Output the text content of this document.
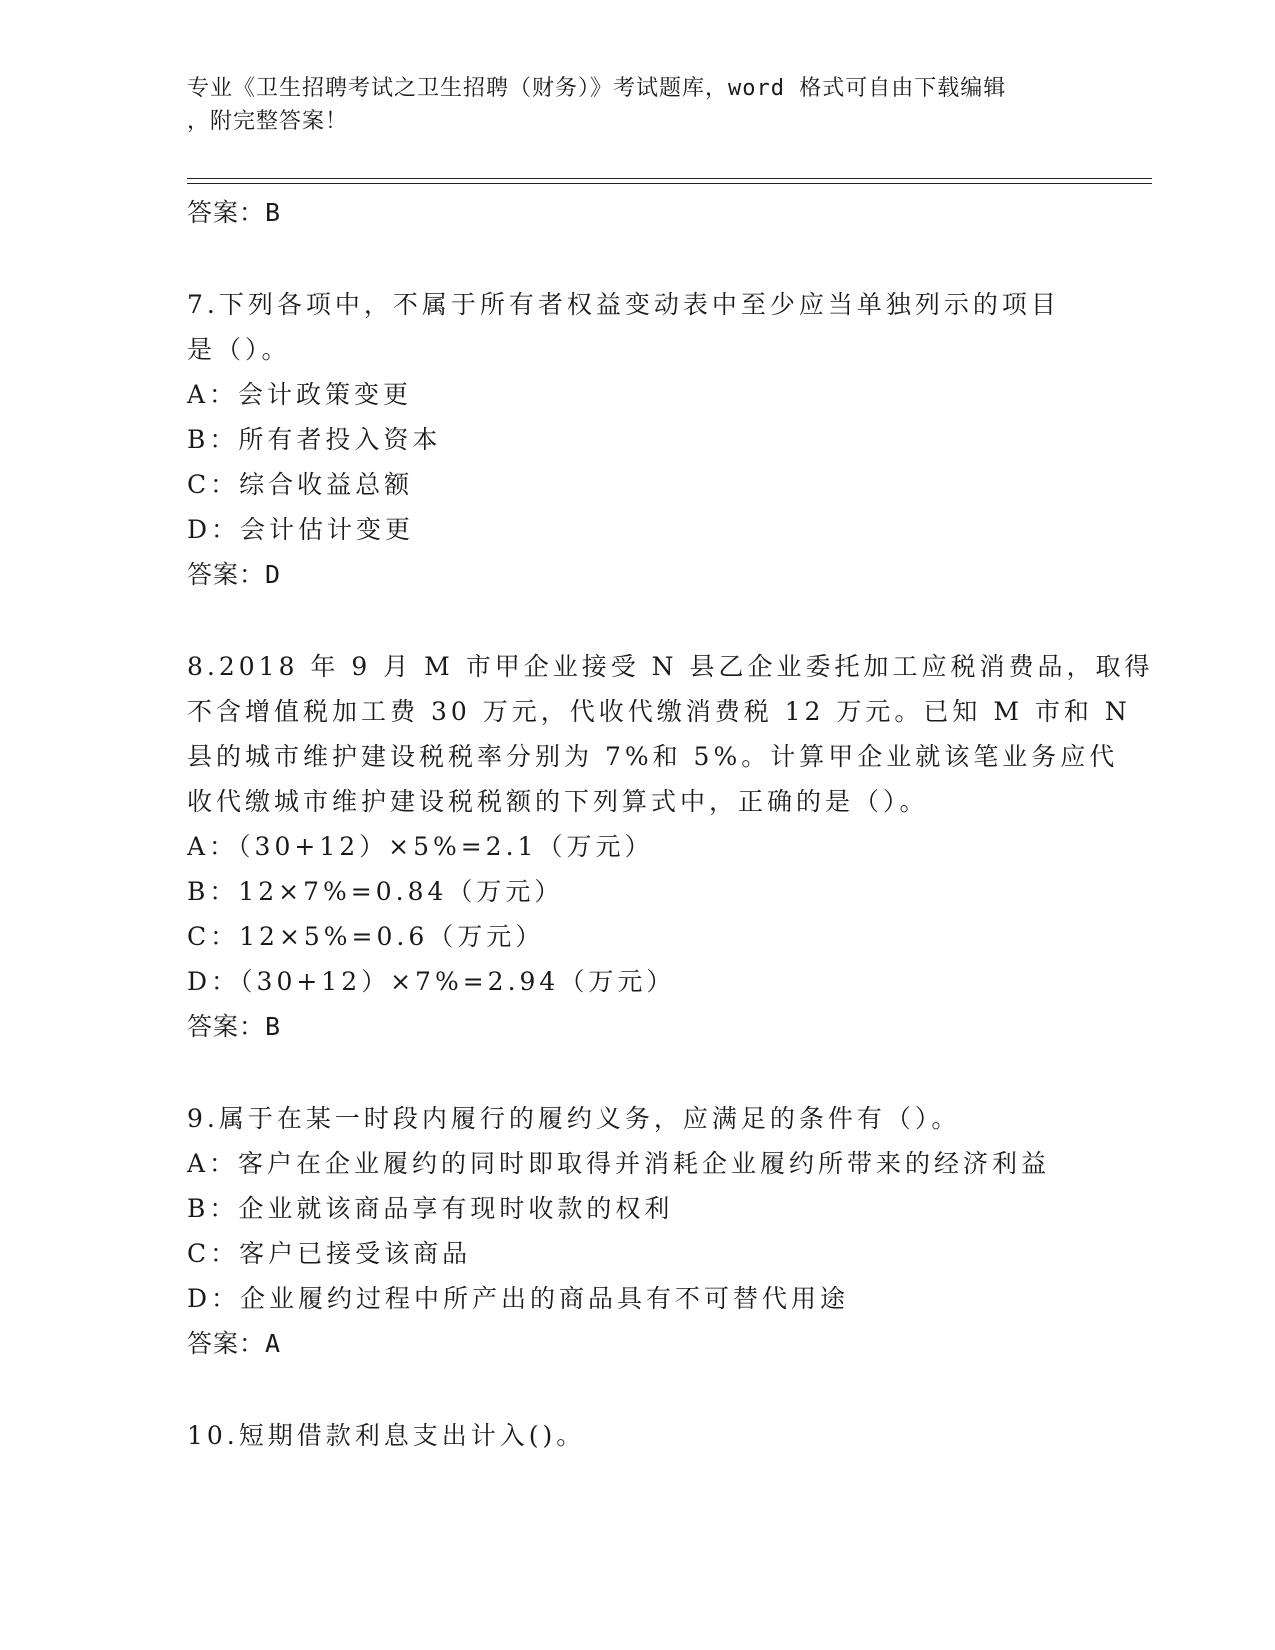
专业《卫生招聘考试之卫生招聘（财务）》考试题库，word 格式可自由下载编辑
，附完整答案！
答案：B
7.下列各项中，不属于所有者权益变动表中至少应当单独列示的项目
是（）。
A：会计政策变更
B：所有者投入资本
C：综合收益总额
D：会计估计变更
答案：D
8.2018 年 9 月 M 市甲企业接受 N 县乙企业委托加工应税消费品，取得
不含增值税加工费 30 万元，代收代缴消费税 12 万元。已知 M 市和 N
县的城市维护建设税税率分别为 7%和 5%。计算甲企业就该笔业务应代
收代缴城市维护建设税税额的下列算式中，正确的是（）。
A：（30+12）×5%=2.1（万元）
B：12×7%=0.84（万元）
C：12×5%=0.6（万元）
D：（30+12）×7%=2.94（万元）
答案：B
9.属于在某一时段内履行的履约义务，应满足的条件有（）。
A：客户在企业履约的同时即取得并消耗企业履约所带来的经济利益
B：企业就该商品享有现时收款的权利
C：客户已接受该商品
D：企业履约过程中所产出的商品具有不可替代用途
答案：A
10.短期借款利息支出计入()。
